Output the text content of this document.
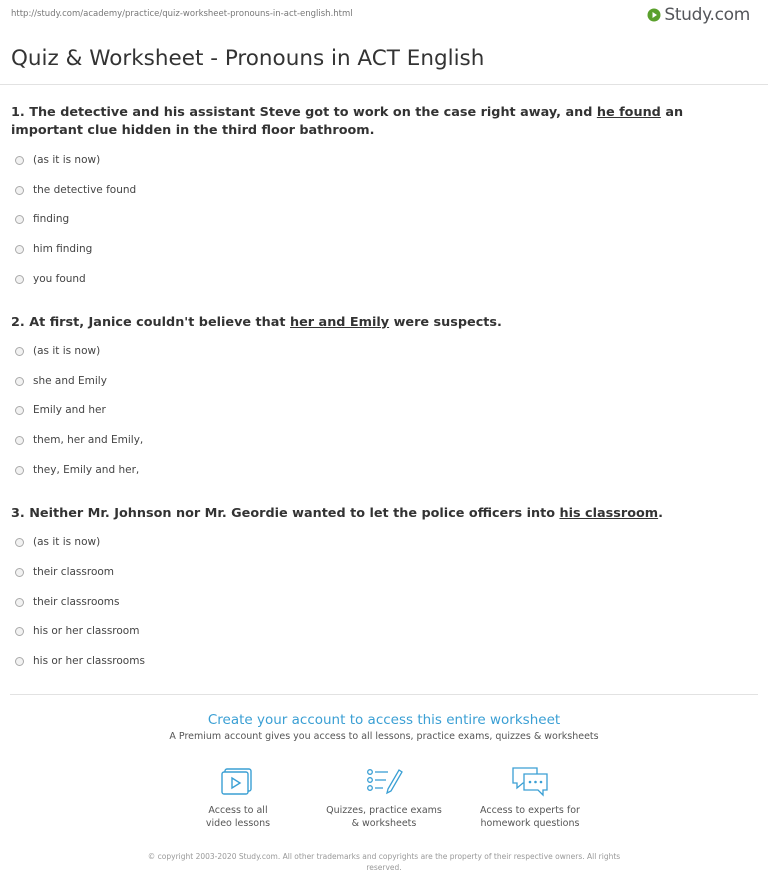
http://study.com/academy/practice/quiz-worksheet-pronouns-in-act-english.html	Study.com
Quiz & Worksheet - Pronouns in ACT English
1. The detective and his assistant Steve got to work on the case right away, and he found an important clue hidden in the third floor bathroom.
(as it is now)
the detective found
finding
him finding
you found
2. At first, Janice couldn't believe that her and Emily were suspects.
(as it is now)
she and Emily
Emily and her
them, her and Emily,
they, Emily and her,
3. Neither Mr. Johnson nor Mr. Geordie wanted to let the police officers into his classroom.
(as it is now)
their classroom
their classrooms
his or her classroom
his or her classrooms
Create your account to access this entire worksheet
A Premium account gives you access to all lessons, practice exams, quizzes & worksheets
Access to all
video lessons
Quizzes, practice exams
& worksheets
Access to experts for
homework questions
© copyright 2003-2020 Study.com. All other trademarks and copyrights are the property of their respective owners. All rights
reserved.
